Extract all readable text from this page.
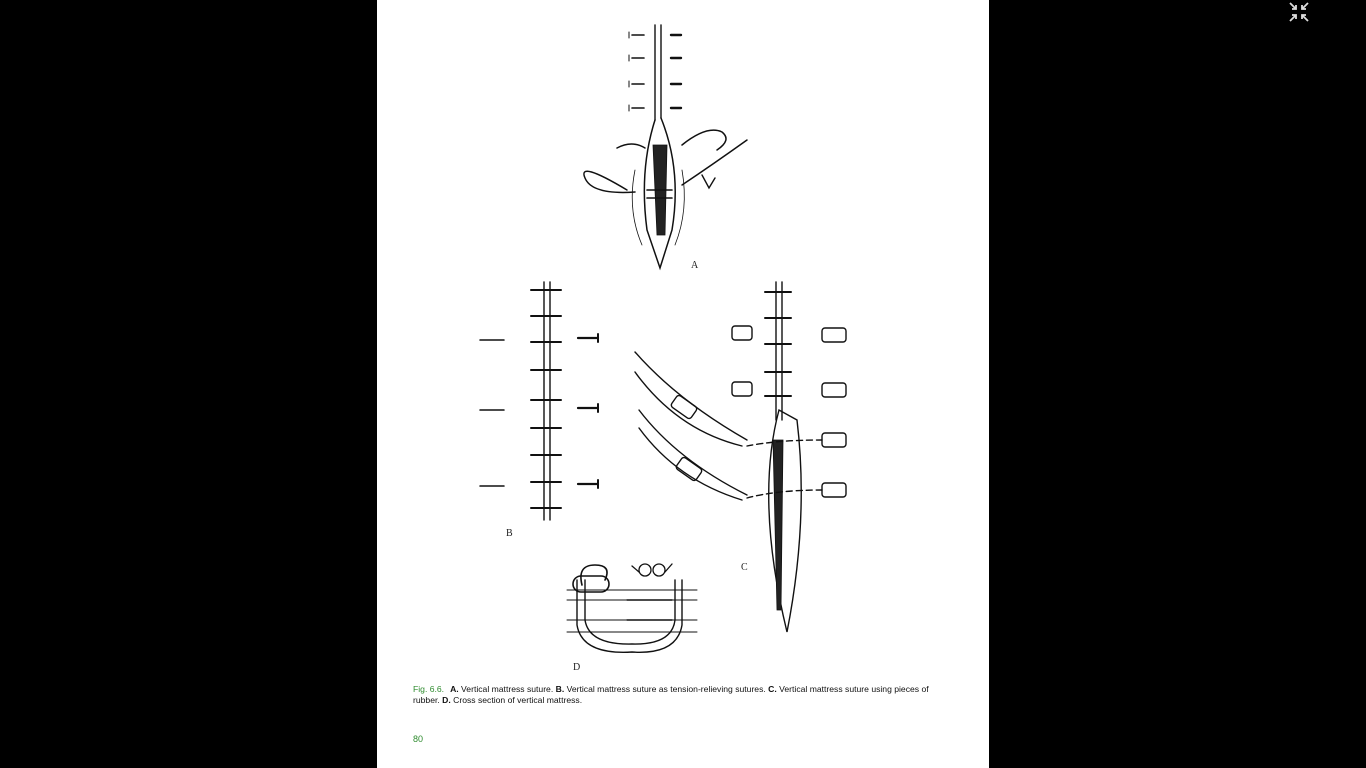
A
B
C
D
Fig. 6.6. A. Vertical mattress suture. B. Vertical mattress suture as tension-relieving sutures. C. Vertical mattress suture using pieces of rubber. D. Cross section of vertical mattress.
80
